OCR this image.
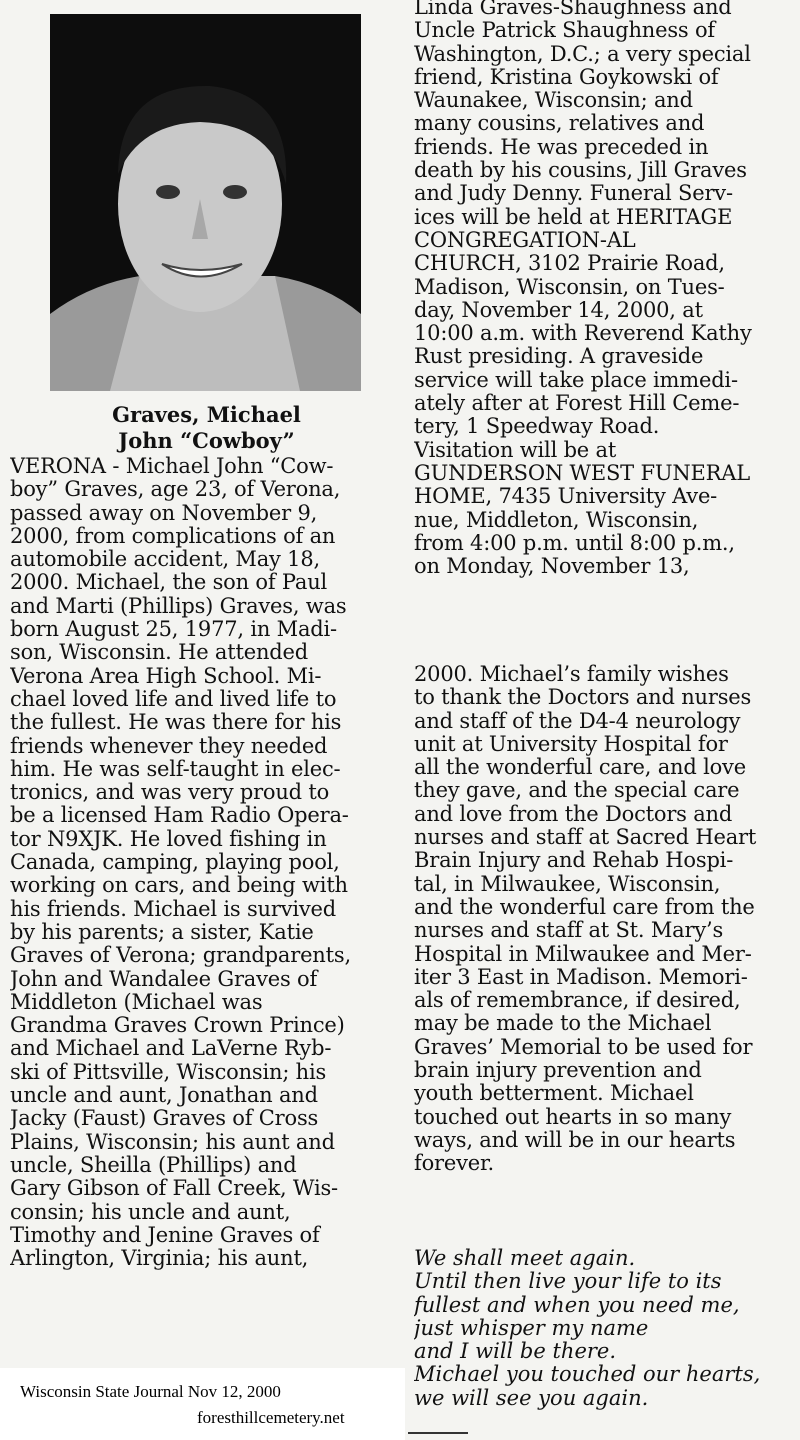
Graves, Michael
John “Cowboy”
VERONA - Michael John “Cow-
boy” Graves, age 23, of Verona,
passed away on November 9,
2000, from complications of an
automobile accident, May 18,
2000. Michael, the son of Paul
and Marti (Phillips) Graves, was
born August 25, 1977, in Madi-
son, Wisconsin. He attended
Verona Area High School. Mi-
chael loved life and lived life to
the fullest. He was there for his
friends whenever they needed
him. He was self-taught in elec-
tronics, and was very proud to
be a licensed Ham Radio Opera-
tor N9XJK. He loved fishing in
Canada, camping, playing pool,
working on cars, and being with
his friends. Michael is survived
by his parents; a sister, Katie
Graves of Verona; grandparents,
John and Wandalee Graves of
Middleton (Michael was
Grandma Graves Crown Prince)
and Michael and LaVerne Ryb-
ski of Pittsville, Wisconsin; his
uncle and aunt, Jonathan and
Jacky (Faust) Graves of Cross
Plains, Wisconsin; his aunt and
uncle, Sheilla (Phillips) and
Gary Gibson of Fall Creek, Wis-
consin; his uncle and aunt,
Timothy and Jenine Graves of
Arlington, Virginia; his aunt,
Linda Graves-Shaughness and
Uncle Patrick Shaughness of
Washington, D.C.; a very special
friend, Kristina Goykowski of
Waunakee, Wisconsin; and
many cousins, relatives and
friends. He was preceded in
death by his cousins, Jill Graves
and Judy Denny. Funeral Serv-
ices will be held at HERITAGE
CONGREGATION-AL
CHURCH, 3102 Prairie Road,
Madison, Wisconsin, on Tues-
day, November 14, 2000, at
10:00 a.m. with Reverend Kathy
Rust presiding. A graveside
service will take place immedi-
ately after at Forest Hill Ceme-
tery, 1 Speedway Road.
Visitation will be at
GUNDERSON WEST FUNERAL
HOME, 7435 University Ave-
nue, Middleton, Wisconsin,
from 4:00 p.m. until 8:00 p.m.,
on Monday, November 13,
2000. Michael’s family wishes
to thank the Doctors and nurses
and staff of the D4-4 neurology
unit at University Hospital for
all the wonderful care, and love
they gave, and the special care
and love from the Doctors and
nurses and staff at Sacred Heart
Brain Injury and Rehab Hospi-
tal, in Milwaukee, Wisconsin,
and the wonderful care from the
nurses and staff at St. Mary’s
Hospital in Milwaukee and Mer-
iter 3 East in Madison. Memori-
als of remembrance, if desired,
may be made to the Michael
Graves’ Memorial to be used for
brain injury prevention and
youth betterment. Michael
touched out hearts in so many
ways, and will be in our hearts
forever.
We shall meet again.
Until then live your life to its
fullest and when you need me,
just whisper my name
and I will be there.
Michael you touched our hearts,
we will see you again.
Wisconsin State Journal Nov 12, 2000
foresthillcemetery.net
